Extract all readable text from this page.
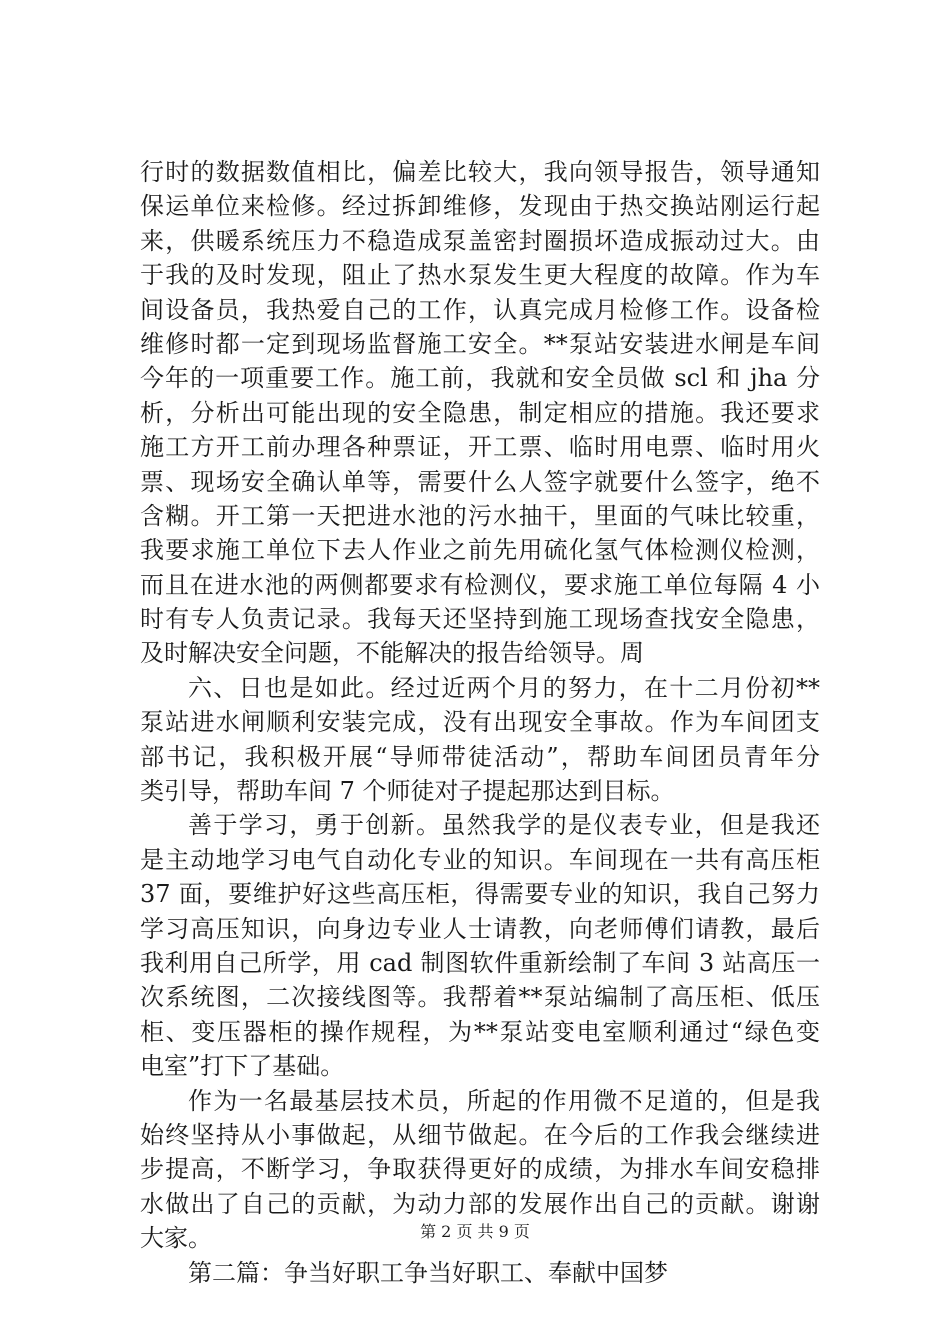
行时的数据数值相比，偏差比较大，我向领导报告，领导通知
保运单位来检修。经过拆卸维修，发现由于热交换站刚运行起
来，供暖系统压力不稳造成泵盖密封圈损坏造成振动过大。由
于我的及时发现，阻止了热水泵发生更大程度的故障。作为车
间设备员，我热爱自己的工作，认真完成月检修工作。设备检
维修时都一定到现场监督施工安全。**泵站安装进水闸是车间
今年的一项重要工作。施工前，我就和安全员做 scl 和 jha 分
析，分析出可能出现的安全隐患，制定相应的措施。我还要求
施工方开工前办理各种票证，开工票、临时用电票、临时用火
票、现场安全确认单等，需要什么人签字就要什么签字，绝不
含糊。开工第一天把进水池的污水抽干，里面的气味比较重，
我要求施工单位下去人作业之前先用硫化氢气体检测仪检测，
而且在进水池的两侧都要求有检测仪，要求施工单位每隔 4 小
时有专人负责记录。我每天还坚持到施工现场查找安全隐患，
及时解决安全问题，不能解决的报告给领导。周
六、日也是如此。经过近两个月的努力，在十二月份初**
泵站进水闸顺利安装完成，没有出现安全事故。作为车间团支
部书记，我积极开展“导师带徒活动”，帮助车间团员青年分
类引导，帮助车间 7 个师徒对子提起那达到目标。
善于学习，勇于创新。虽然我学的是仪表专业，但是我还
是主动地学习电气自动化专业的知识。车间现在一共有高压柜
37 面，要维护好这些高压柜，得需要专业的知识，我自己努力
学习高压知识，向身边专业人士请教，向老师傅们请教，最后
我利用自己所学，用 cad 制图软件重新绘制了车间 3 站高压一
次系统图，二次接线图等。我帮着**泵站编制了高压柜、低压
柜、变压器柜的操作规程，为**泵站变电室顺利通过“绿色变
电室”打下了基础。
作为一名最基层技术员，所起的作用微不足道的，但是我
始终坚持从小事做起，从细节做起。在今后的工作我会继续进
步提高，不断学习，争取获得更好的成绩，为排水车间安稳排
水做出了自己的贡献，为动力部的发展作出自己的贡献。谢谢
大家。
第二篇：争当好职工争当好职工、奉献中国梦
第 2 页 共 9 页
